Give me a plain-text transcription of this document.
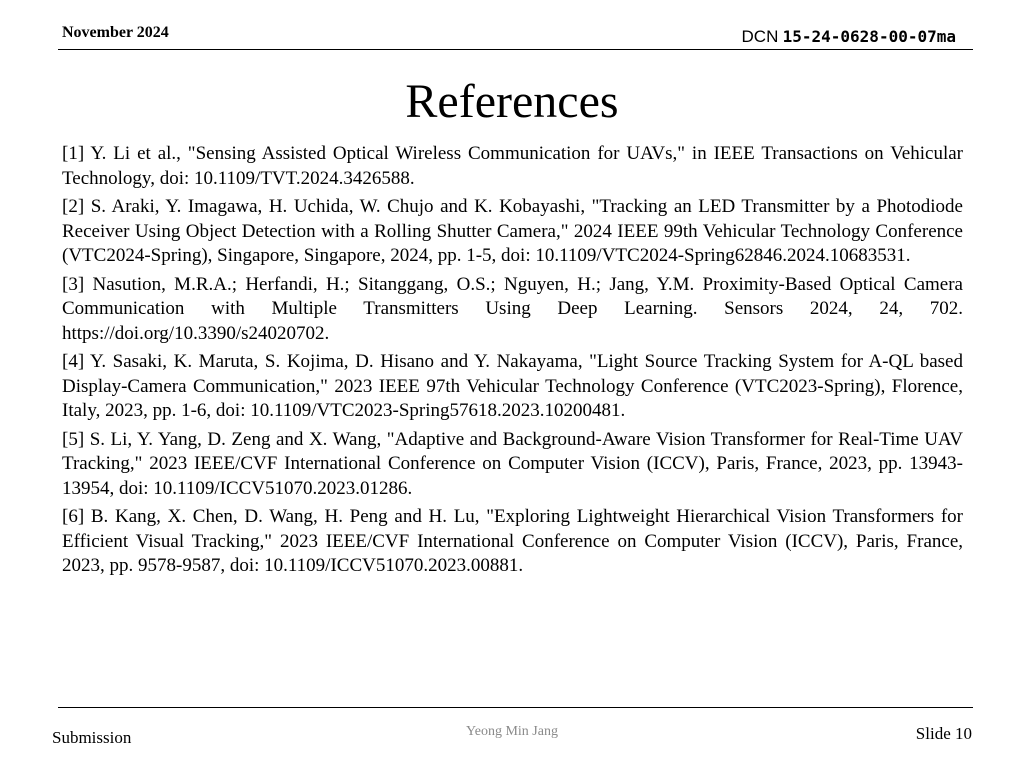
November 2024	DCN 15-24-0628-00-07ma
References

[1] Y. Li et al., "Sensing Assisted Optical Wireless Communication for UAVs," in IEEE Transactions on Vehicular Technology, doi: 10.1109/TVT.2024.3426588.

[2] S. Araki, Y. Imagawa, H. Uchida, W. Chujo and K. Kobayashi, "Tracking an LED Transmitter by a Photodiode Receiver Using Object Detection with a Rolling Shutter Camera," 2024 IEEE 99th Vehicular Technology Conference (VTC2024-Spring), Singapore, Singapore, 2024, pp. 1-5, doi: 10.1109/VTC2024-Spring62846.2024.10683531.

[3] Nasution, M.R.A.; Herfandi, H.; Sitanggang, O.S.; Nguyen, H.; Jang, Y.M. Proximity-Based Optical Camera Communication with Multiple Transmitters Using Deep Learning. Sensors 2024, 24, 702. https://doi.org/10.3390/s24020702.

[4] Y. Sasaki, K. Maruta, S. Kojima, D. Hisano and Y. Nakayama, "Light Source Tracking System for A-QL based Display-Camera Communication," 2023 IEEE 97th Vehicular Technology Conference (VTC2023-Spring), Florence, Italy, 2023, pp. 1-6, doi: 10.1109/VTC2023-Spring57618.2023.10200481.

[5] S. Li, Y. Yang, D. Zeng and X. Wang, "Adaptive and Background-Aware Vision Transformer for Real-Time UAV Tracking," 2023 IEEE/CVF International Conference on Computer Vision (ICCV), Paris, France, 2023, pp. 13943-13954, doi: 10.1109/ICCV51070.2023.01286.

[6] B. Kang, X. Chen, D. Wang, H. Peng and H. Lu, "Exploring Lightweight Hierarchical Vision Transformers for Efficient Visual Tracking," 2023 IEEE/CVF International Conference on Computer Vision (ICCV), Paris, France, 2023, pp. 9578-9587, doi: 10.1109/ICCV51070.2023.00881.

Submission	Yeong Min Jang	Slide 10
